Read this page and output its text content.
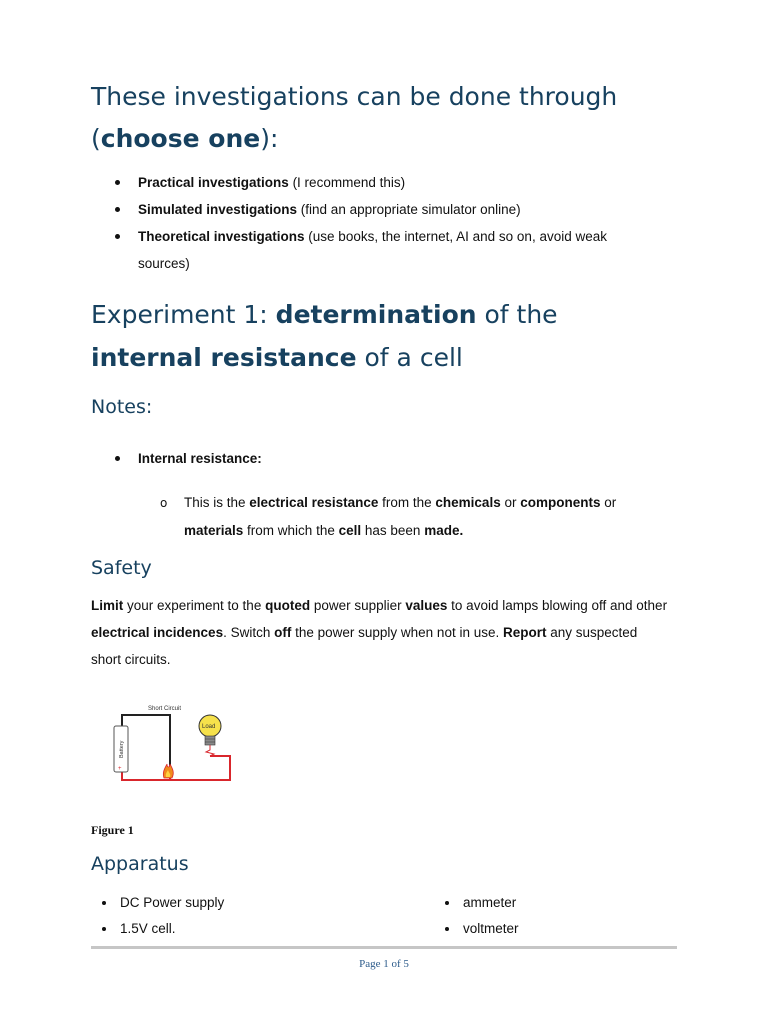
These investigations can be done through
(choose one):
Practical investigations (I recommend this)
Simulated investigations (find an appropriate simulator online)
Theoretical investigations (use books, the internet, AI and so on, avoid weak sources)
Experiment 1: determination of the
internal resistance of a cell
Notes:
Internal resistance:
o This is the electrical resistance from the chemicals or components or materials from which the cell has been made.
Safety

Limit your experiment to the quoted power supplier values to avoid lamps blowing off and other electrical incidences. Switch off the power supply when not in use. Report any suspected short circuits.

Short Circuit
Battery
+
Load
Figure 1
Apparatus
DC Power supply
1.5V cell.
ammeter
voltmeter
Page 1 of 5
